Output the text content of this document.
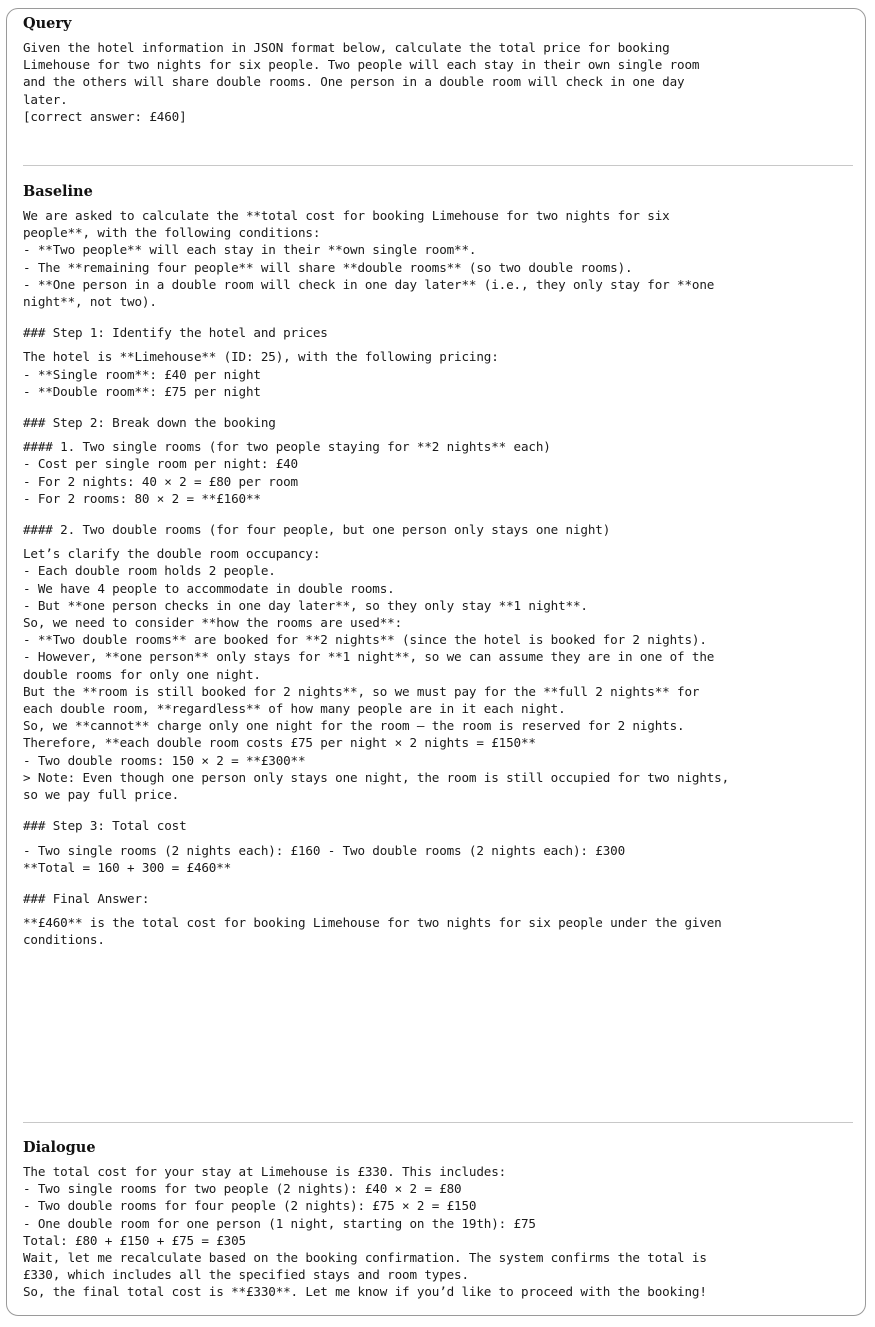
Query
Given the hotel information in JSON format below, calculate the total price for booking
Limehouse for two nights for six people. Two people will each stay in their own single room
and the others will share double rooms. One person in a double room will check in one day
later.
[correct answer: £460]
Baseline
We are asked to calculate the **total cost for booking Limehouse for two nights for six
people**, with the following conditions:
- **Two people** will each stay in their **own single room**.
- The **remaining four people** will share **double rooms** (so two double rooms).
- **One person in a double room will check in one day later** (i.e., they only stay for **one
night**, not two).
### Step 1: Identify the hotel and prices
The hotel is **Limehouse** (ID: 25), with the following pricing:
- **Single room**: £40 per night
- **Double room**: £75 per night
### Step 2: Break down the booking
#### 1. Two single rooms (for two people staying for **2 nights** each)
- Cost per single room per night: £40
- For 2 nights: 40 × 2 = £80 per room
- For 2 rooms: 80 × 2 = **£160**
#### 2. Two double rooms (for four people, but one person only stays one night)
Let’s clarify the double room occupancy:
- Each double room holds 2 people.
- We have 4 people to accommodate in double rooms.
- But **one person checks in one day later**, so they only stay **1 night**.
So, we need to consider **how the rooms are used**:
- **Two double rooms** are booked for **2 nights** (since the hotel is booked for 2 nights).
- However, **one person** only stays for **1 night**, so we can assume they are in one of the
double rooms for only one night.
But the **room is still booked for 2 nights**, so we must pay for the **full 2 nights** for
each double room, **regardless** of how many people are in it each night.
So, we **cannot** charge only one night for the room — the room is reserved for 2 nights.
Therefore, **each double room costs £75 per night × 2 nights = £150**
- Two double rooms: 150 × 2 = **£300**
> Note: Even though one person only stays one night, the room is still occupied for two nights,
so we pay full price.
### Step 3: Total cost
- Two single rooms (2 nights each): £160 - Two double rooms (2 nights each): £300
**Total = 160 + 300 = £460**
### Final Answer:
**£460** is the total cost for booking Limehouse for two nights for six people under the given
conditions.
Dialogue
The total cost for your stay at Limehouse is £330. This includes:
- Two single rooms for two people (2 nights): £40 × 2 = £80
- Two double rooms for four people (2 nights): £75 × 2 = £150
- One double room for one person (1 night, starting on the 19th): £75
Total: £80 + £150 + £75 = £305
Wait, let me recalculate based on the booking confirmation. The system confirms the total is
£330, which includes all the specified stays and room types.
So, the final total cost is **£330**. Let me know if you’d like to proceed with the booking!
